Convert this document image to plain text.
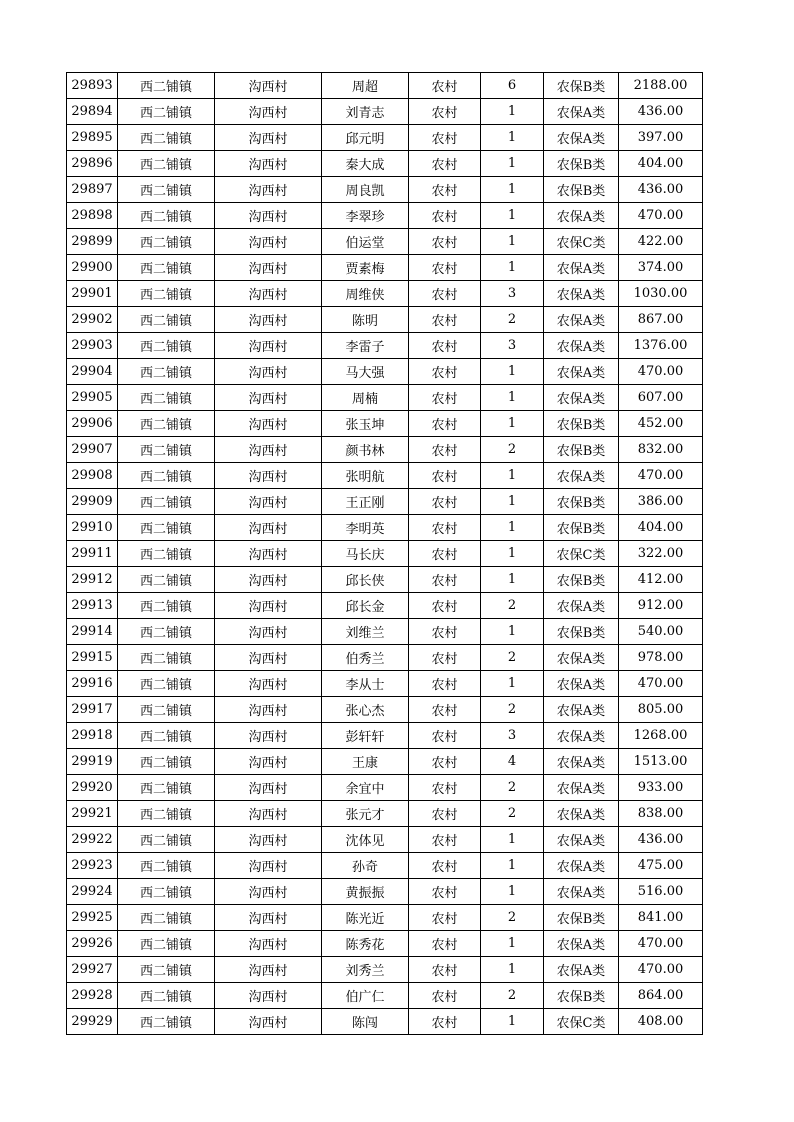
29893	西二铺镇	沟西村	周超	农村	6	农保B类	2188.00
29894	西二铺镇	沟西村	刘青志	农村	1	农保A类	436.00
29895	西二铺镇	沟西村	邱元明	农村	1	农保A类	397.00
29896	西二铺镇	沟西村	秦大成	农村	1	农保B类	404.00
29897	西二铺镇	沟西村	周良凯	农村	1	农保B类	436.00
29898	西二铺镇	沟西村	李翠珍	农村	1	农保A类	470.00
29899	西二铺镇	沟西村	伯运堂	农村	1	农保C类	422.00
29900	西二铺镇	沟西村	贾素梅	农村	1	农保A类	374.00
29901	西二铺镇	沟西村	周维侠	农村	3	农保A类	1030.00
29902	西二铺镇	沟西村	陈明	农村	2	农保A类	867.00
29903	西二铺镇	沟西村	李雷子	农村	3	农保A类	1376.00
29904	西二铺镇	沟西村	马大强	农村	1	农保A类	470.00
29905	西二铺镇	沟西村	周楠	农村	1	农保A类	607.00
29906	西二铺镇	沟西村	张玉坤	农村	1	农保B类	452.00
29907	西二铺镇	沟西村	颜书林	农村	2	农保B类	832.00
29908	西二铺镇	沟西村	张明航	农村	1	农保A类	470.00
29909	西二铺镇	沟西村	王正刚	农村	1	农保B类	386.00
29910	西二铺镇	沟西村	李明英	农村	1	农保B类	404.00
29911	西二铺镇	沟西村	马长庆	农村	1	农保C类	322.00
29912	西二铺镇	沟西村	邱长侠	农村	1	农保B类	412.00
29913	西二铺镇	沟西村	邱长金	农村	2	农保A类	912.00
29914	西二铺镇	沟西村	刘维兰	农村	1	农保B类	540.00
29915	西二铺镇	沟西村	伯秀兰	农村	2	农保A类	978.00
29916	西二铺镇	沟西村	李从士	农村	1	农保A类	470.00
29917	西二铺镇	沟西村	张心杰	农村	2	农保A类	805.00
29918	西二铺镇	沟西村	彭轩轩	农村	3	农保A类	1268.00
29919	西二铺镇	沟西村	王康	农村	4	农保A类	1513.00
29920	西二铺镇	沟西村	余宜中	农村	2	农保A类	933.00
29921	西二铺镇	沟西村	张元才	农村	2	农保A类	838.00
29922	西二铺镇	沟西村	沈体见	农村	1	农保A类	436.00
29923	西二铺镇	沟西村	孙奇	农村	1	农保A类	475.00
29924	西二铺镇	沟西村	黄振振	农村	1	农保A类	516.00
29925	西二铺镇	沟西村	陈光近	农村	2	农保B类	841.00
29926	西二铺镇	沟西村	陈秀花	农村	1	农保A类	470.00
29927	西二铺镇	沟西村	刘秀兰	农村	1	农保A类	470.00
29928	西二铺镇	沟西村	伯广仁	农村	2	农保B类	864.00
29929	西二铺镇	沟西村	陈闯	农村	1	农保C类	408.00
